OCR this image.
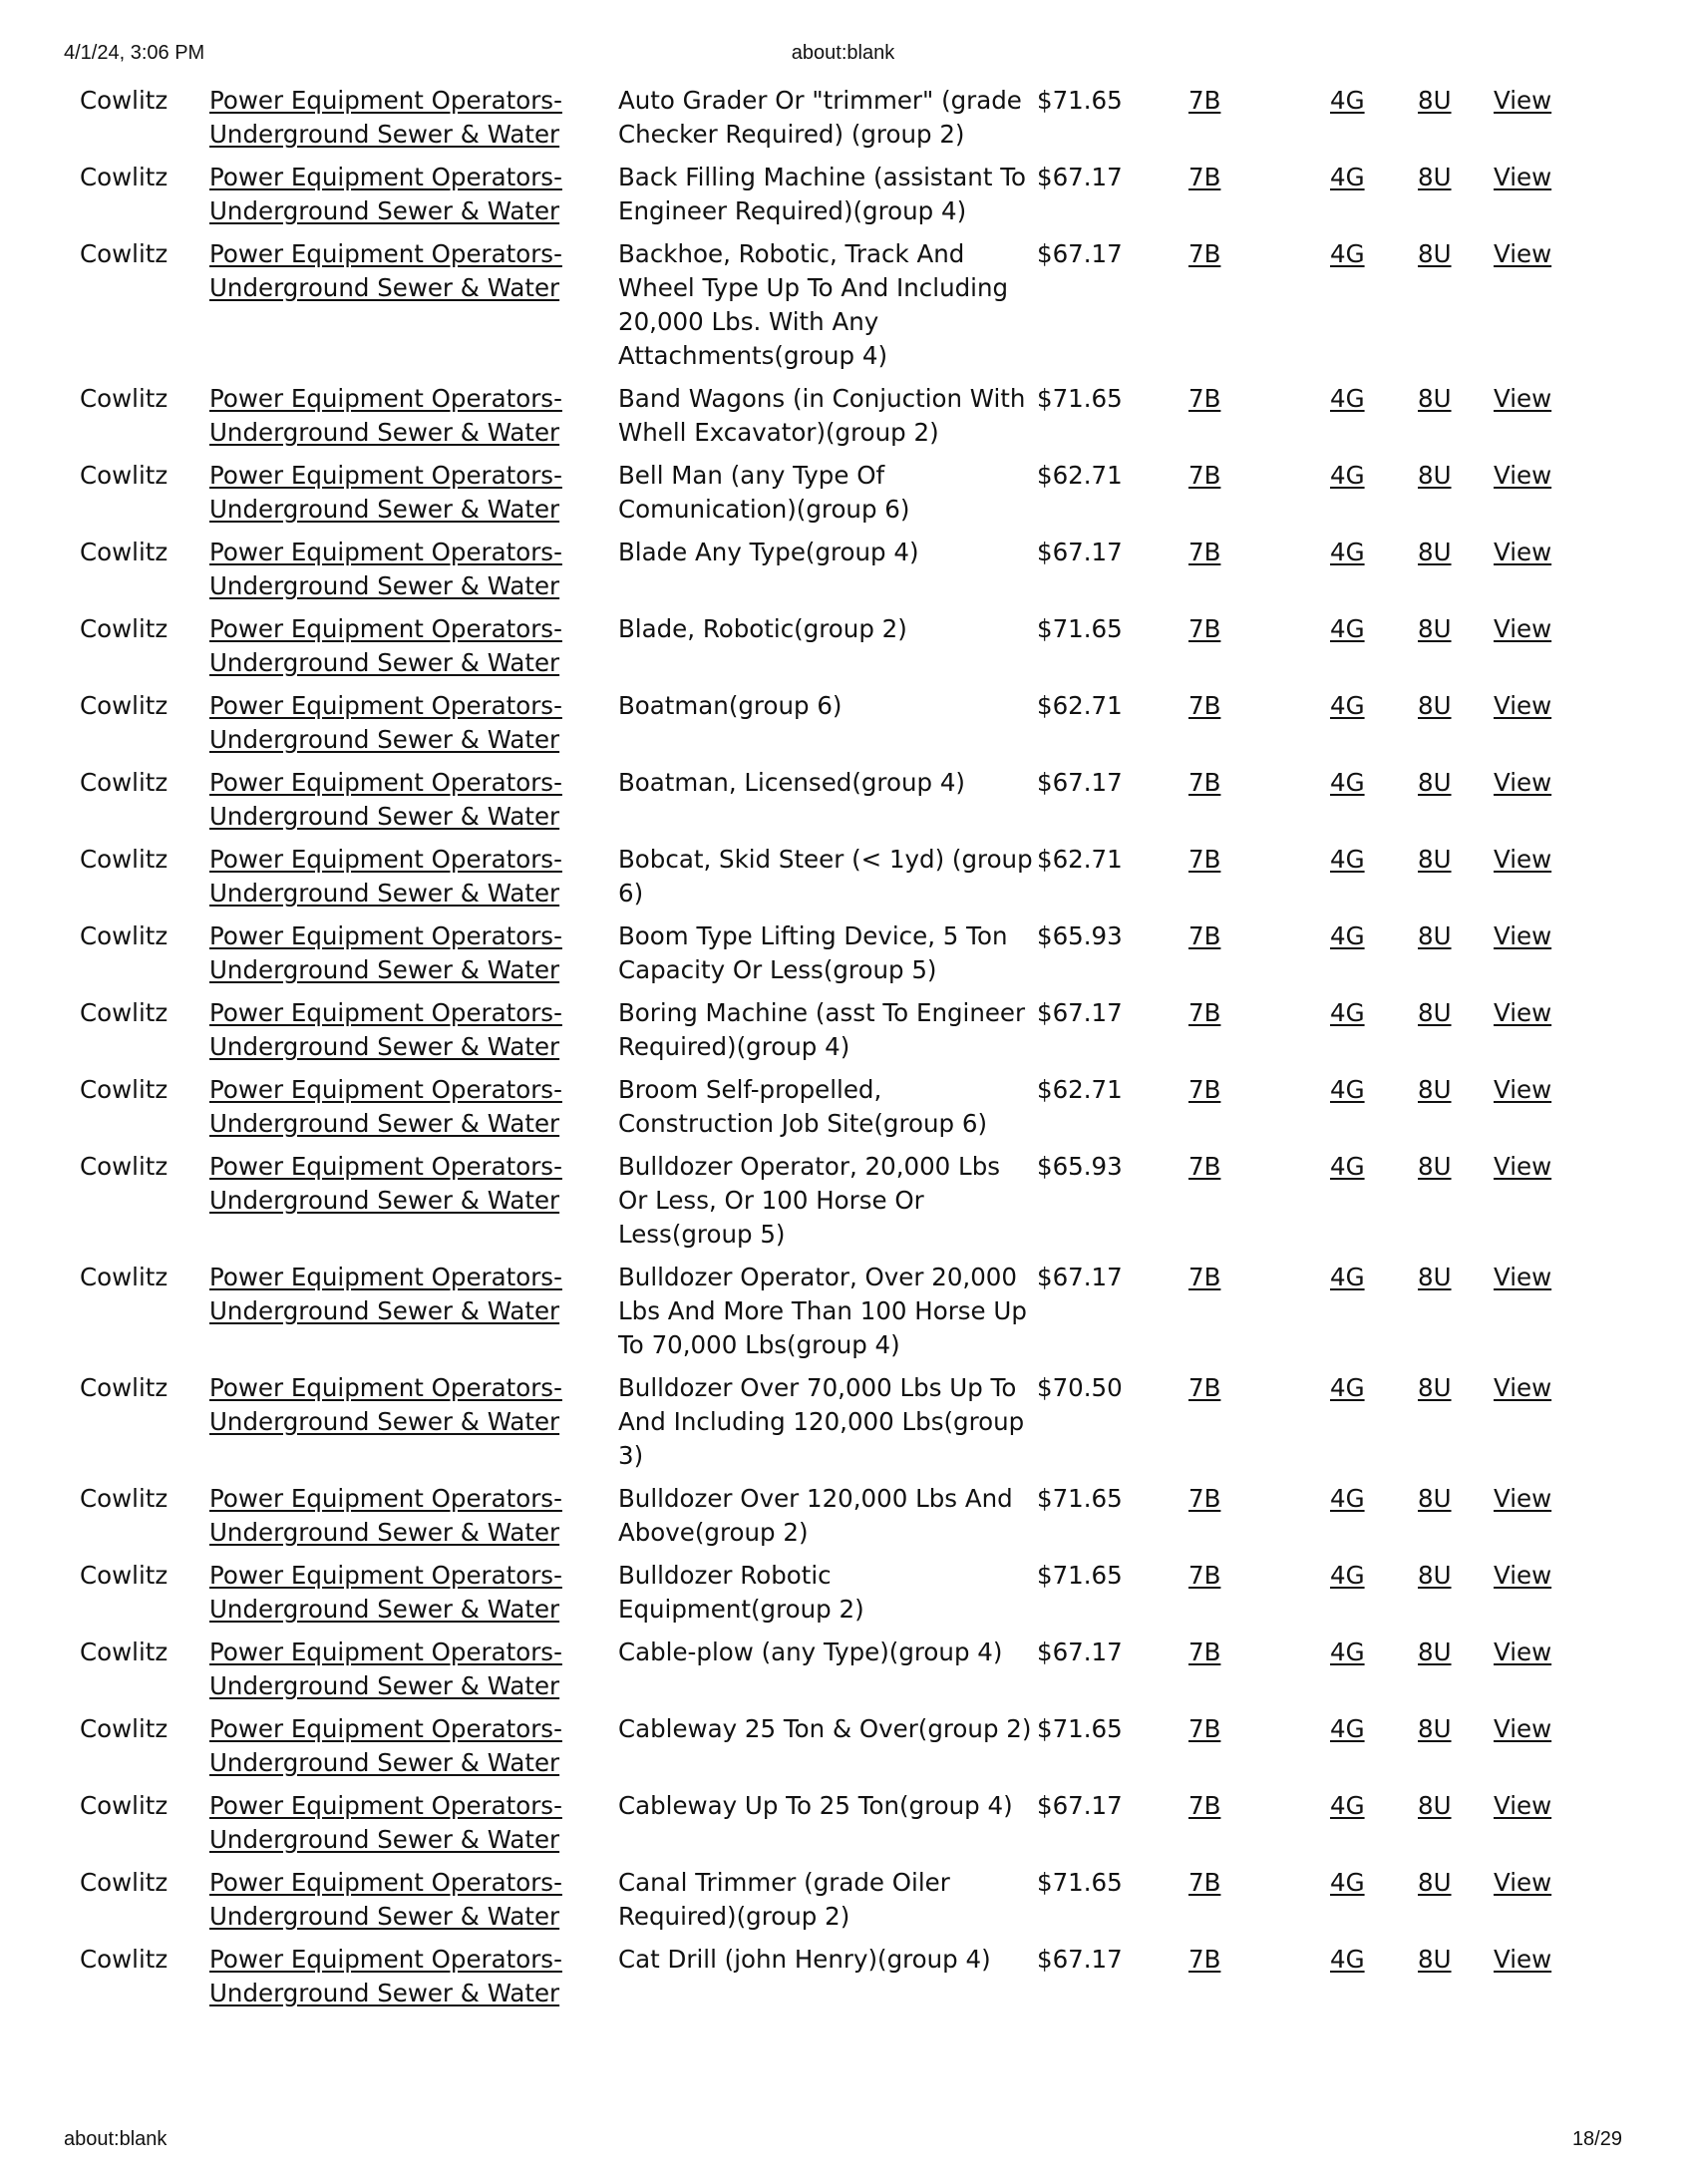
4/1/24, 3:06 PM	about:blank
Cowlitz	Power Equipment Operators-
Underground Sewer & Water	Auto Grader Or "trimmer" (grade Checker Required) (group 2)	$71.65	7B	4G	8U	View
Cowlitz	Power Equipment Operators-
Underground Sewer & Water	Back Filling Machine (assistant To Engineer Required)(group 4)	$67.17	7B	4G	8U	View
Cowlitz	Power Equipment Operators-
Underground Sewer & Water	Backhoe, Robotic, Track And Wheel Type Up To And Including 20,000 Lbs. With Any Attachments(group 4)	$67.17	7B	4G	8U	View
Cowlitz	Power Equipment Operators-
Underground Sewer & Water	Band Wagons (in Conjuction With Whell Excavator)(group 2)	$71.65	7B	4G	8U	View
Cowlitz	Power Equipment Operators-
Underground Sewer & Water	Bell Man (any Type Of Comunication)(group 6)	$62.71	7B	4G	8U	View
Cowlitz	Power Equipment Operators-
Underground Sewer & Water	Blade Any Type(group 4)	$67.17	7B	4G	8U	View
Cowlitz	Power Equipment Operators-
Underground Sewer & Water	Blade, Robotic(group 2)	$71.65	7B	4G	8U	View
Cowlitz	Power Equipment Operators-
Underground Sewer & Water	Boatman(group 6)	$62.71	7B	4G	8U	View
Cowlitz	Power Equipment Operators-
Underground Sewer & Water	Boatman, Licensed(group 4)	$67.17	7B	4G	8U	View
Cowlitz	Power Equipment Operators-
Underground Sewer & Water	Bobcat, Skid Steer (< 1yd) (group 6)	$62.71	7B	4G	8U	View
Cowlitz	Power Equipment Operators-
Underground Sewer & Water	Boom Type Lifting Device, 5 Ton Capacity Or Less(group 5)	$65.93	7B	4G	8U	View
Cowlitz	Power Equipment Operators-
Underground Sewer & Water	Boring Machine (asst To Engineer Required)(group 4)	$67.17	7B	4G	8U	View
Cowlitz	Power Equipment Operators-
Underground Sewer & Water	Broom Self-propelled, Construction Job Site(group 6)	$62.71	7B	4G	8U	View
Cowlitz	Power Equipment Operators-
Underground Sewer & Water	Bulldozer Operator, 20,000 Lbs Or Less, Or 100 Horse Or Less(group 5)	$65.93	7B	4G	8U	View
Cowlitz	Power Equipment Operators-
Underground Sewer & Water	Bulldozer Operator, Over 20,000 Lbs And More Than 100 Horse Up To 70,000 Lbs(group 4)	$67.17	7B	4G	8U	View
Cowlitz	Power Equipment Operators-
Underground Sewer & Water	Bulldozer Over 70,000 Lbs Up To And Including 120,000 Lbs(group 3)	$70.50	7B	4G	8U	View
Cowlitz	Power Equipment Operators-
Underground Sewer & Water	Bulldozer Over 120,000 Lbs And Above(group 2)	$71.65	7B	4G	8U	View
Cowlitz	Power Equipment Operators-
Underground Sewer & Water	Bulldozer Robotic Equipment(group 2)	$71.65	7B	4G	8U	View
Cowlitz	Power Equipment Operators-
Underground Sewer & Water	Cable-plow (any Type)(group 4)	$67.17	7B	4G	8U	View
Cowlitz	Power Equipment Operators-
Underground Sewer & Water	Cableway 25 Ton & Over(group 2)	$71.65	7B	4G	8U	View
Cowlitz	Power Equipment Operators-
Underground Sewer & Water	Cableway Up To 25 Ton(group 4)	$67.17	7B	4G	8U	View
Cowlitz	Power Equipment Operators-
Underground Sewer & Water	Canal Trimmer (grade Oiler Required)(group 2)	$71.65	7B	4G	8U	View
Cowlitz	Power Equipment Operators-
Underground Sewer & Water	Cat Drill (john Henry)(group 4)	$67.17	7B	4G	8U	View
about:blank	18/29
